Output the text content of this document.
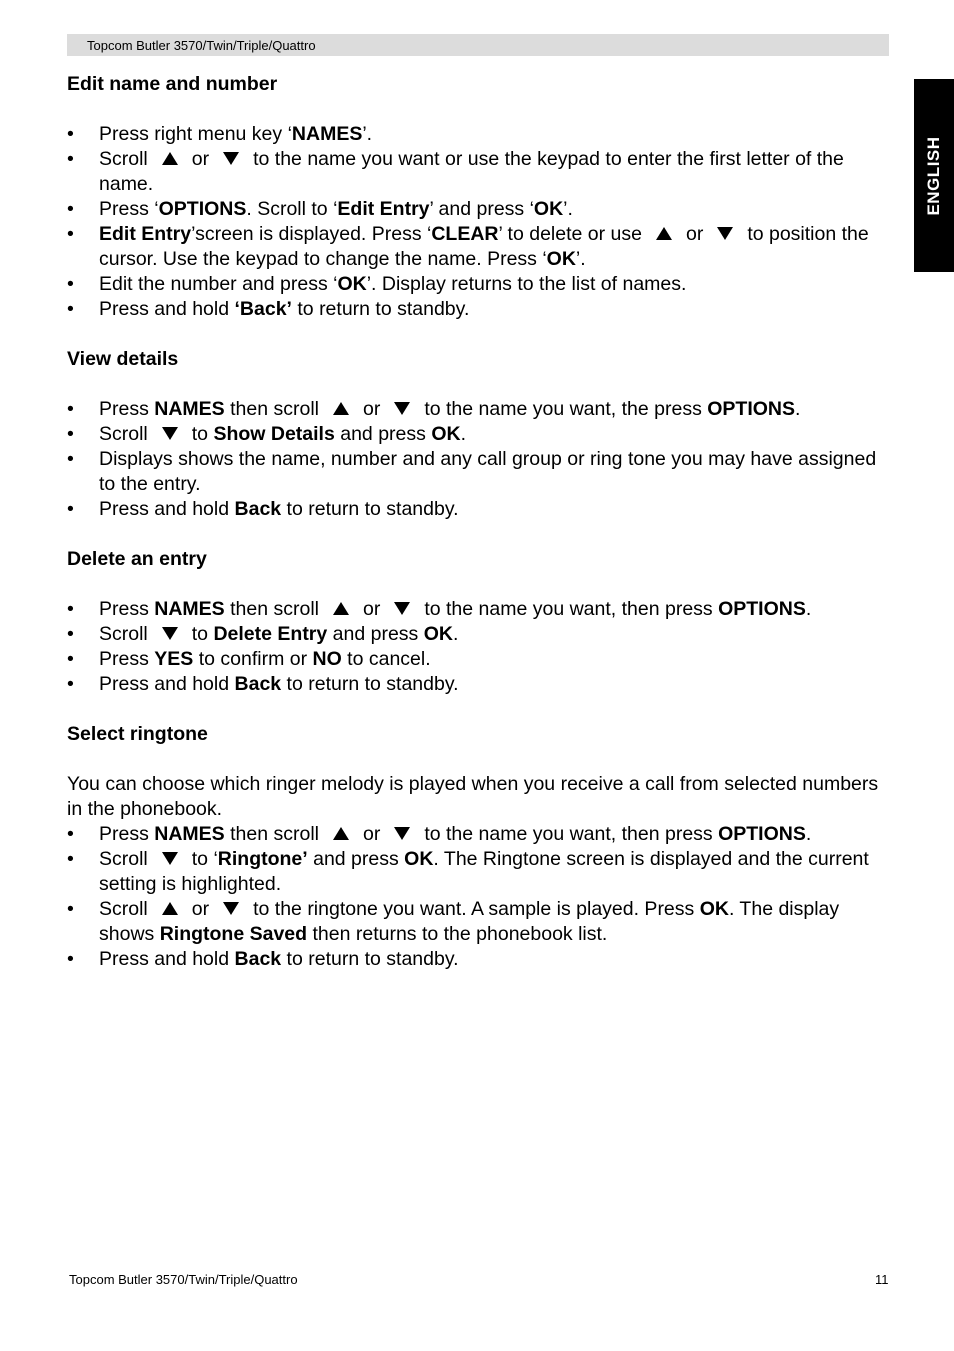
Topcom Butler 3570/Twin/Triple/Quattro
ENGLISH
Edit name and number
• Press right menu key ‘NAMES’.
• Scroll or to the name you want or use the keypad to enter the first letter of the name.
• Press ‘OPTIONS. Scroll to ‘Edit Entry’ and press ‘OK’.
• Edit Entry’screen is displayed. Press ‘CLEAR’ to delete or use or to position the cursor. Use the keypad to change the name. Press ‘OK’.
• Edit the number and press ‘OK’. Display returns to the list of names.
• Press and hold ‘Back’ to return to standby.
View details
• Press NAMES then scroll or to the name you want, the press OPTIONS.
• Scroll to Show Details and press OK.
• Displays shows the name, number and any call group or ring tone you may have assigned to the entry.
• Press and hold Back to return to standby.
Delete an entry
• Press NAMES then scroll or to the name you want, then press OPTIONS.
• Scroll to Delete Entry and press OK.
• Press YES to confirm or NO to cancel.
• Press and hold Back to return to standby.
Select ringtone

You can choose which ringer melody is played when you receive a call from selected numbers in the phonebook.

• Press NAMES then scroll or to the name you want, then press OPTIONS.
• Scroll to ‘Ringtone’ and press OK. The Ringtone screen is displayed and the current setting is highlighted.
• Scroll or to the ringtone you want. A sample is played. Press OK. The display shows Ringtone Saved then returns to the phonebook list.
• Press and hold Back to return to standby.
Topcom Butler 3570/Twin/Triple/Quattro	11
